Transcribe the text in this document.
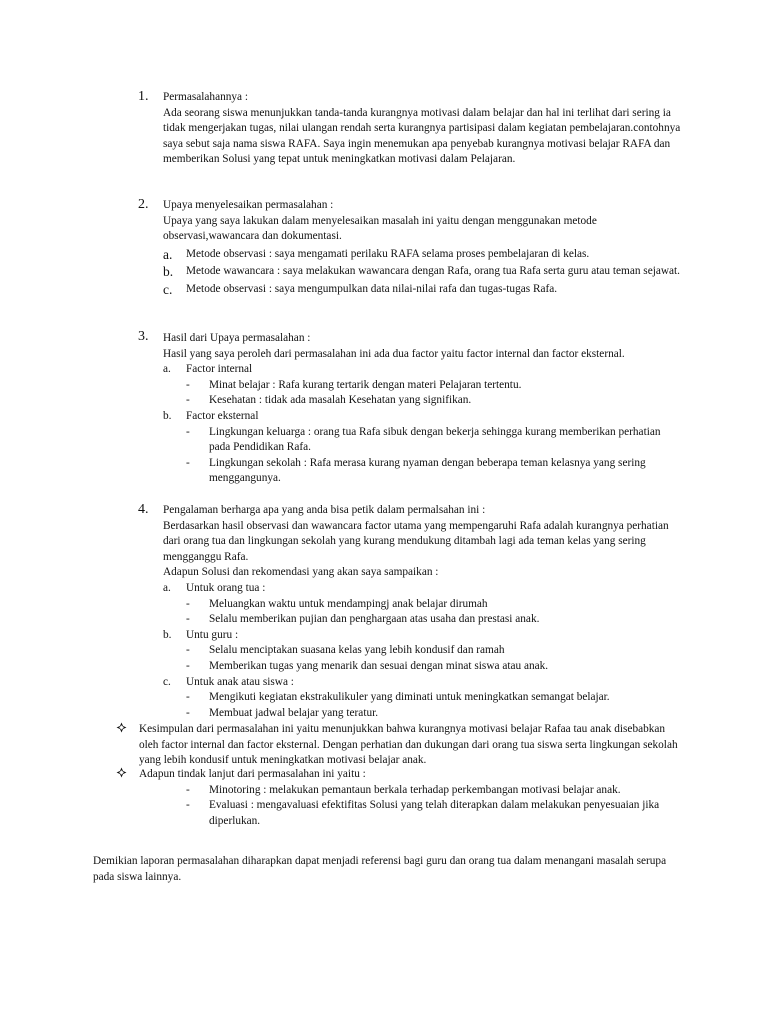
1.	Permasalahannya :

Ada seorang siswa menunjukkan tanda-tanda kurangnya motivasi dalam belajar dan hal ini terlihat dari sering ia tidak mengerjakan tugas, nilai ulangan rendah serta kurangnya partisipasi dalam kegiatan pembelajaran.contohnya saya sebut saja nama siswa RAFA. Saya ingin menemukan apa penyebab kurangnya motivasi belajar RAFA dan memberikan Solusi yang tepat untuk meningkatkan motivasi dalam Pelajaran.

2.	Upaya menyelesaikan permasalahan :

Upaya yang saya lakukan dalam menyelesaikan masalah ini yaitu dengan menggunakan metode observasi,wawancara dan dokumentasi.

a. Metode observasi : saya mengamati perilaku RAFA selama proses pembelajaran di kelas.
b. Metode wawancara : saya melakukan wawancara dengan Rafa, orang tua Rafa serta guru atau teman sejawat.
c. Metode observasi : saya mengumpulkan data nilai-nilai rafa dan tugas-tugas Rafa.
3.	Hasil dari Upaya permasalahan :

Hasil yang saya peroleh dari permasalahan ini ada dua factor yaitu factor internal dan factor eksternal.

a. Factor internal
- Minat belajar : Rafa kurang tertarik dengan materi Pelajaran tertentu.
- Kesehatan : tidak ada masalah Kesehatan yang signifikan.
b. Factor eksternal
- Lingkungan keluarga : orang tua Rafa sibuk dengan bekerja sehingga kurang memberikan perhatian pada Pendidikan Rafa.
- Lingkungan sekolah : Rafa merasa kurang nyaman dengan beberapa teman kelasnya yang sering menggangunya.
4.	Pengalaman berharga apa yang anda bisa petik dalam permalsahan ini :

Berdasarkan hasil observasi dan wawancara factor utama yang mempengaruhi Rafa adalah kurangnya perhatian dari orang tua dan lingkungan sekolah yang kurang mendukung ditambah lagi ada teman kelas yang sering mengganggu Rafa.

Adapun Solusi dan rekomendasi yang akan saya sampaikan :

a. Untuk orang tua :
- Meluangkan waktu untuk mendampingj anak belajar dirumah
- Selalu memberikan pujian dan penghargaan atas usaha dan prestasi anak.
b. Untu guru :
- Selalu menciptakan suasana kelas yang lebih kondusif dan ramah
- Memberikan tugas yang menarik dan sesuai dengan minat siswa atau anak.
c. Untuk anak atau siswa :
- Mengikuti kegiatan ekstrakulikuler yang diminati untuk meningkatkan semangat belajar.
- Membuat jadwal belajar yang teratur.

Kesimpulan dari permasalahan ini yaitu menunjukkan bahwa kurangnya motivasi belajar Rafaa tau anak disebabkan oleh factor internal dan factor eksternal. Dengan perhatian dan dukungan dari orang tua siswa serta lingkungan sekolah yang lebih kondusif untuk meningkatkan motivasi belajar anak.

Adapun tindak lanjut dari permasalahan ini yaitu :

- Minotoring : melakukan pemantaun berkala terhadap perkembangan motivasi belajar anak.
- Evaluasi : mengavaluasi efektifitas Solusi yang telah diterapkan dalam melakukan penyesuaian jika diperlukan.

Demikian laporan permasalahan diharapkan dapat menjadi referensi bagi guru dan orang tua dalam menangani masalah serupa pada siswa lainnya.
